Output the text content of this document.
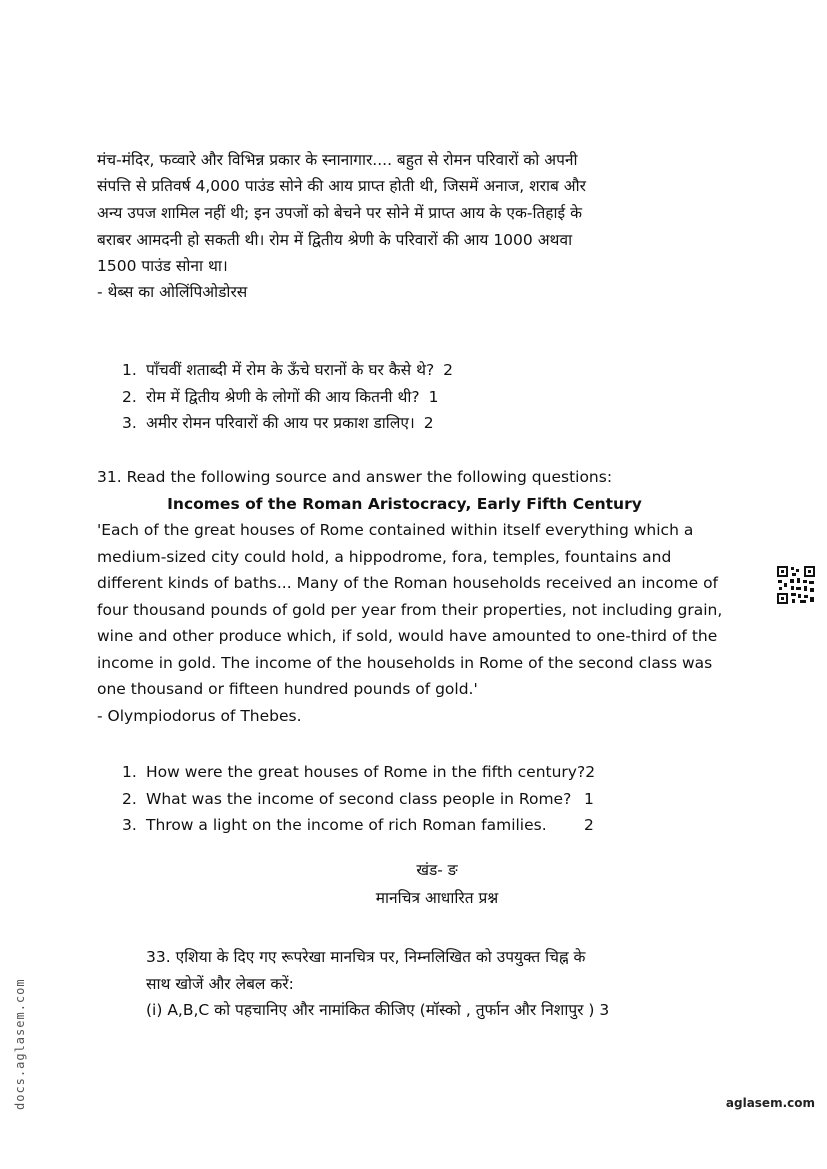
मंच-मंदिर, फव्वारे और विभिन्न प्रकार के स्नानागार.... बहुत से रोमन परिवारों को अपनी
संपत्ति से प्रतिवर्ष 4,000 पाउंड सोने की आय प्राप्त होती थी, जिसमें अनाज, शराब और
अन्य उपज शामिल नहीं थी; इन उपजों को बेचने पर सोने में प्राप्त आय के एक-तिहाई के
बराबर आमदनी हो सकती थी। रोम में द्वितीय श्रेणी के परिवारों की आय 1000 अथवा
1500 पाउंड सोना था।
- थेब्स का ओलिंपिओडोरस
1. पाँचवीं शताब्दी में रोम के ऊँचे घरानों के घर कैसे थे? 2
2. रोम में द्वितीय श्रेणी के लोगों की आय कितनी थी? 1
3. अमीर रोमन परिवारों की आय पर प्रकाश डालिए। 2
31. Read the following source and answer the following questions:
Incomes of the Roman Aristocracy, Early Fifth Century
'Each of the great houses of Rome contained within itself everything which a
medium-sized city could hold, a hippodrome, fora, temples, fountains and
different kinds of baths... Many of the Roman households received an income of
four thousand pounds of gold per year from their properties, not including grain,
wine and other produce which, if sold, would have amounted to one-third of the
income in gold. The income of the households in Rome of the second class was
one thousand or fifteen hundred pounds of gold.'
- Olympiodorus of Thebes.
1. How were the great houses of Rome in the fifth century?2
2. What was the income of second class people in Rome? 1
3. Throw a light on the income of rich Roman families. 2
खंड- ङ
मानचित्र आधारित प्रश्न
33. एशिया के दिए गए रूपरेखा मानचित्र पर, निम्नलिखित को उपयुक्त चिह्न के
साथ खोजें और लेबल करें:
(i) A,B,C को पहचानिए और नामांकित कीजिए (मॉस्को , तुर्फान और निशापुर ) 3
docs.aglasem.com	aglasem.com
